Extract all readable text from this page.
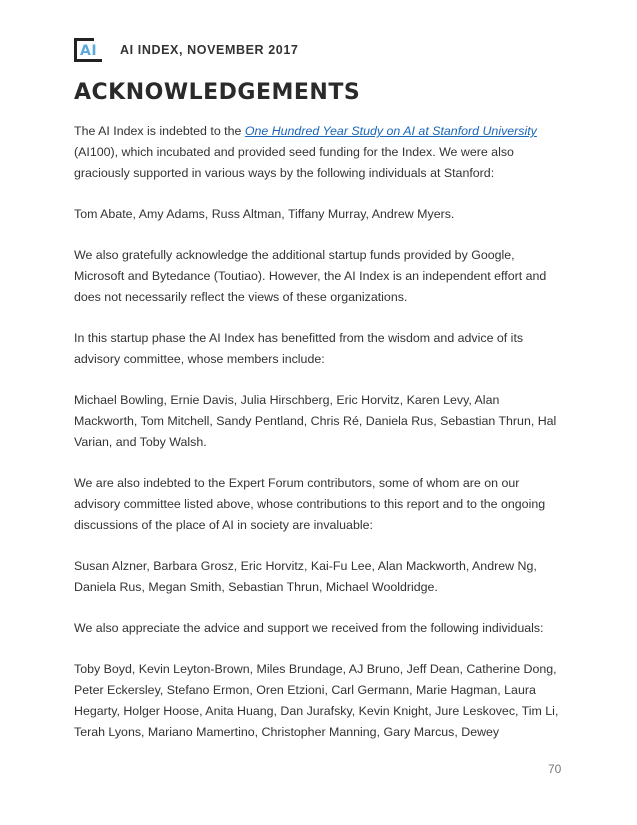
AI AI INDEX, NOVEMBER 2017
ACKNOWLEDGEMENTS

The AI Index is indebted to the One Hundred Year Study on AI at Stanford University (AI100), which incubated and provided seed funding for the Index. We were also graciously supported in various ways by the following individuals at Stanford:

Tom Abate, Amy Adams, Russ Altman, Tiffany Murray, Andrew Myers.

We also gratefully acknowledge the additional startup funds provided by Google, Microsoft and Bytedance (Toutiao). However, the AI Index is an independent effort and does not necessarily reflect the views of these organizations.

In this startup phase the AI Index has benefitted from the wisdom and advice of its advisory committee, whose members include:

Michael Bowling, Ernie Davis, Julia Hirschberg, Eric Horvitz, Karen Levy, Alan Mackworth, Tom Mitchell, Sandy Pentland, Chris Ré, Daniela Rus, Sebastian Thrun, Hal Varian, and Toby Walsh.

We are also indebted to the Expert Forum contributors, some of whom are on our advisory committee listed above, whose contributions to this report and to the ongoing discussions of the place of AI in society are invaluable:

Susan Alzner, Barbara Grosz, Eric Horvitz, Kai-Fu Lee, Alan Mackworth, Andrew Ng, Daniela Rus, Megan Smith, Sebastian Thrun, Michael Wooldridge.

We also appreciate the advice and support we received from the following individuals:

Toby Boyd, Kevin Leyton-Brown, Miles Brundage, AJ Bruno, Jeff Dean, Catherine Dong, Peter Eckersley, Stefano Ermon, Oren Etzioni, Carl Germann, Marie Hagman, Laura Hegarty, Holger Hoose, Anita Huang, Dan Jurafsky, Kevin Knight, Jure Leskovec, Tim Li, Terah Lyons, Mariano Mamertino, Christopher Manning, Gary Marcus, Dewey

70
